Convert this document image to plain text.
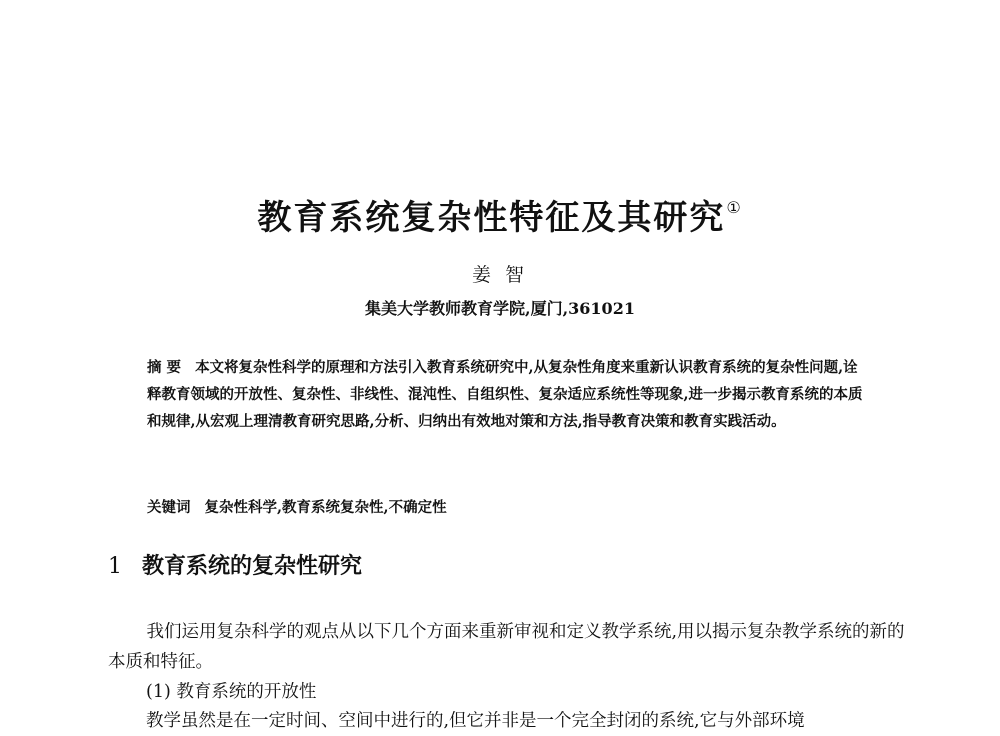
教育系统复杂性特征及其研究①
姜 智
集美大学教师教育学院,厦门,361021
摘 要 本文将复杂性科学的原理和方法引入教育系统研究中,从复杂性角度来重新认识教育系统的复杂性问题,诠释教育领域的开放性、复杂性、非线性、混沌性、自组织性、复杂适应系统性等现象,进一步揭示教育系统的本质和规律,从宏观上理清教育研究思路,分析、归纳出有效地对策和方法,指导教育决策和教育实践活动。
关键词 复杂性科学,教育系统复杂性,不确定性
1 教育系统的复杂性研究

我们运用复杂科学的观点从以下几个方面来重新审视和定义教学系统,用以揭示复杂教学系统的新的本质和特征。

(1) 教育系统的开放性
教学虽然是在一定时间、空间中进行的,但它并非是一个完全封闭的系统,它与外部环境
